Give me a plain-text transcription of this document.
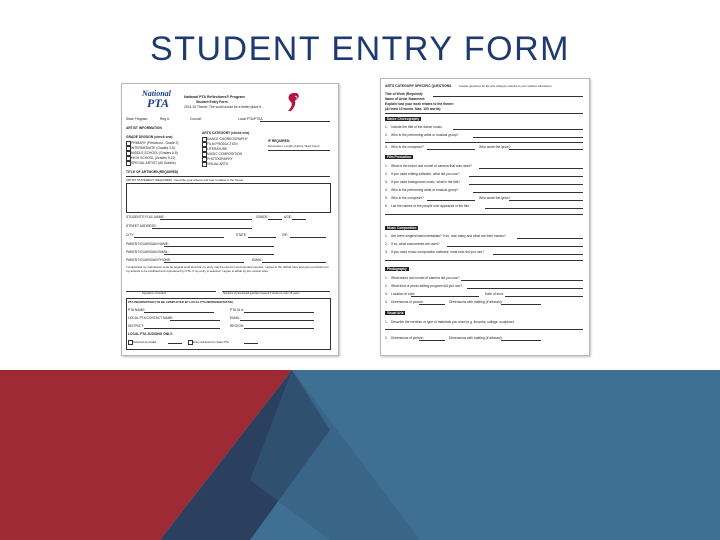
STUDENT ENTRY FORM
National
PTA	National PTA Reflections® Program
Student Entry Form
2014-15 Theme: The world would be a better place if...
State Program:	Reg #:	Council:	Local PTA/PTSA:
ARTIST INFORMATION
GRADE DIVISION (check one)
PRIMARY (Preschool - Grade 2)
INTERMEDIATE (Grades 3-5)
MIDDLE SCHOOL (Grades 6-8)
HIGH SCHOOL (Grades 9-12)
SPECIAL ARTIST (All Grades)
ARTS CATEGORY (check one)
DANCE CHOREOGRAPHY
FILM PRODUCTION
LITERATURE
MUSIC COMPOSITION
PHOTOGRAPHY
VISUAL ARTS
IF REQUIRED:
Dimensions, Length of Entry, Word Count
TITLE OF ARTWORK(REQUIRED)
ARTIST STATEMENT (REQUIRED) - Describe your artwork and how it relates to the theme
STUDENT'S FULL NAME:	GRADE:	AGE:
STREET ADDRESS:
CITY:	STATE:	ZIP:
PARENT/GUARDIAN NAME:
PARENT/GUARDIAN EMAIL:
PARENT/GUARDIAN PHONE:	EMAIL:
I understand my submission must be original work and that my entry may be used for promotional purposes. I agree to the official rules and give permission for my artwork to be exhibited and reproduced by PTA. If my entry is selected, I agree to abide by the contest rules.
Signature of student	Signature of parent/legal guardian (required if student is under 18 years)
PTA INFORMATION (TO BE COMPLETED BY LOCAL PTA REPRESENTATIVE)
PTA NAME:	PTA ID #:
LOCAL PTA CONTACT NAME:	EMAIL:
DISTRICT:	REGION:
LOCAL PTA JUDGING ONLY:
Selected as finalist	Entry advanced to State PTA
ARTS CATEGORY SPECIFIC QUESTIONS	Answer questions for the arts category relevant to your student submission.
Title of Work (Required):
Name of Artist Statement:
Explain how your work relates to the theme:
(At least 10 words. Max. 100 words)
Dance Choreography
1. Include the title of the dance music.
2. Who is the performing artist or musical group?
3. Who is the composer?	Who wrote the lyrics?
Film Production
1. What is the brand and model of camera that was used?
2. If you used editing software, what did you use?
3. If you used background music, what is the title?
4. Who is the performing artist or musical group?
5. Who is the composer?	Who wrote the lyrics?
6. List the names of the people who appeared in the film.
Music Composition
1. Are there singers/instrumentalists? If so, how many and what are their names?
2. If so, what instruments are used?
3. If you used music composition software, what kind did you use?
Photography
1. What brand and model of camera did you use?
2. What kind of photo-editing program did you use?
3. Location of shot:	Date of shot:
4. Dimensions of picture:	Dimensions with matting (if allowed):
Visual Arts
1. Describe the medium or type of materials you used (e.g. linoprint, collage, sculpture).
2. Dimensions of picture:	Dimensions with matting (if allowed):
